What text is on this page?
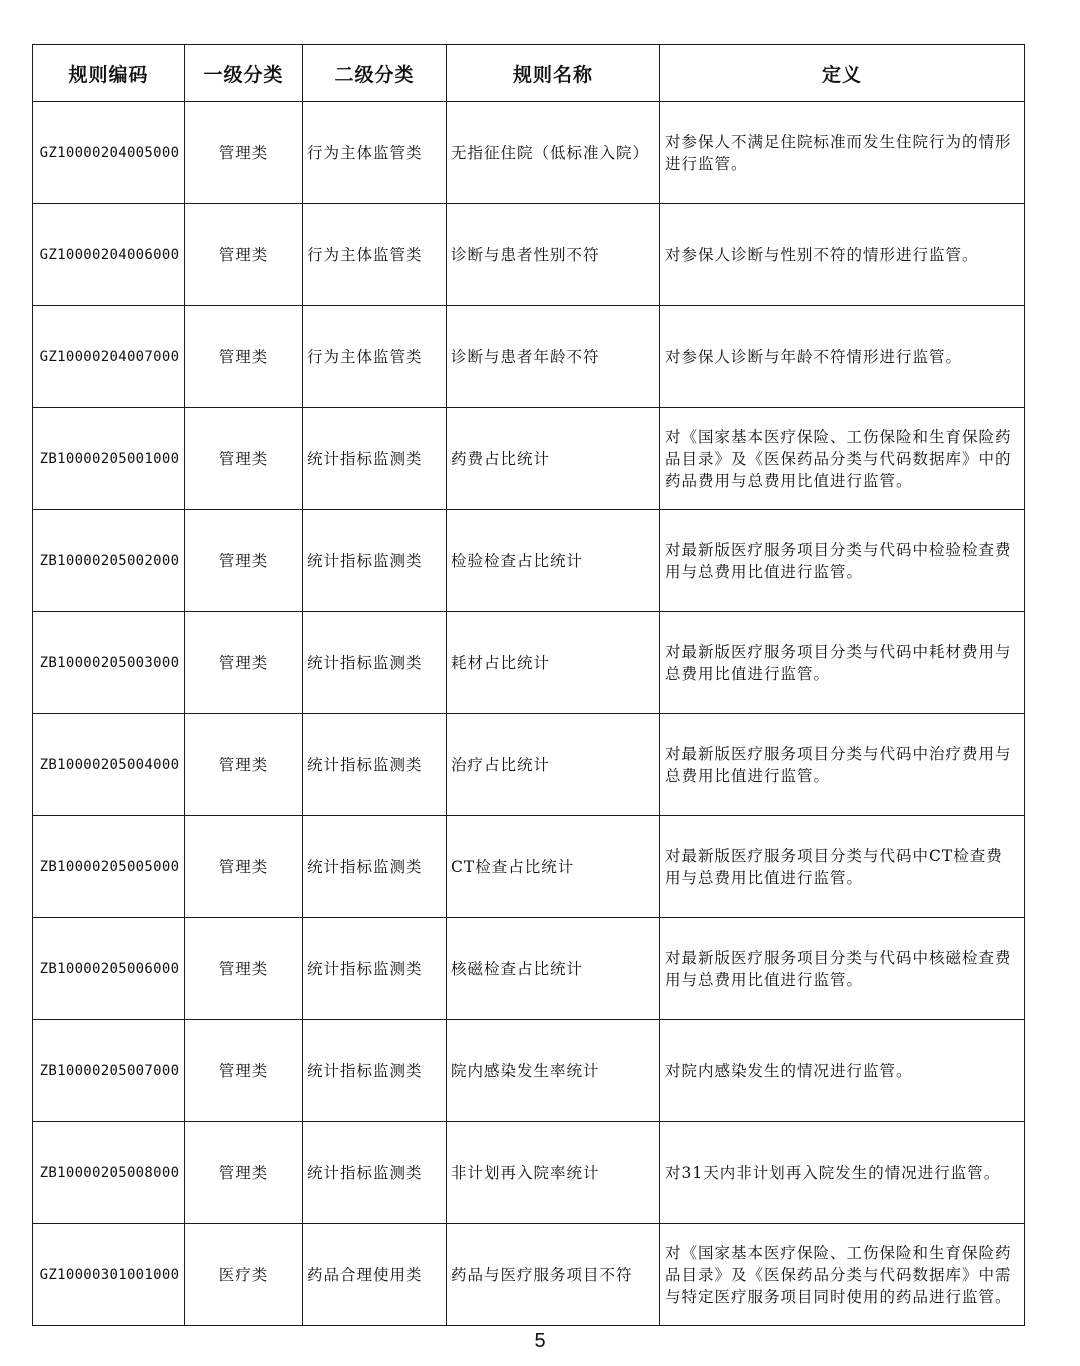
规则编码	一级分类	二级分类	规则名称	定义
GZ10000204005000	管理类	行为主体监管类	无指征住院（低标准入院）	对参保人不满足住院标准而发生住院行为的情形进行监管。
GZ10000204006000	管理类	行为主体监管类	诊断与患者性别不符	对参保人诊断与性别不符的情形进行监管。
GZ10000204007000	管理类	行为主体监管类	诊断与患者年龄不符	对参保人诊断与年龄不符情形进行监管。
ZB10000205001000	管理类	统计指标监测类	药费占比统计	对《国家基本医疗保险、工伤保险和生育保险药品目录》及《医保药品分类与代码数据库》中的药品费用与总费用比值进行监管。
ZB10000205002000	管理类	统计指标监测类	检验检查占比统计	对最新版医疗服务项目分类与代码中检验检查费用与总费用比值进行监管。
ZB10000205003000	管理类	统计指标监测类	耗材占比统计	对最新版医疗服务项目分类与代码中耗材费用与总费用比值进行监管。
ZB10000205004000	管理类	统计指标监测类	治疗占比统计	对最新版医疗服务项目分类与代码中治疗费用与总费用比值进行监管。
ZB10000205005000	管理类	统计指标监测类	CT检查占比统计	对最新版医疗服务项目分类与代码中CT检查费用与总费用比值进行监管。
ZB10000205006000	管理类	统计指标监测类	核磁检查占比统计	对最新版医疗服务项目分类与代码中核磁检查费用与总费用比值进行监管。
ZB10000205007000	管理类	统计指标监测类	院内感染发生率统计	对院内感染发生的情况进行监管。
ZB10000205008000	管理类	统计指标监测类	非计划再入院率统计	对31天内非计划再入院发生的情况进行监管。
GZ10000301001000	医疗类	药品合理使用类	药品与医疗服务项目不符	对《国家基本医疗保险、工伤保险和生育保险药品目录》及《医保药品分类与代码数据库》中需与特定医疗服务项目同时使用的药品进行监管。
5
